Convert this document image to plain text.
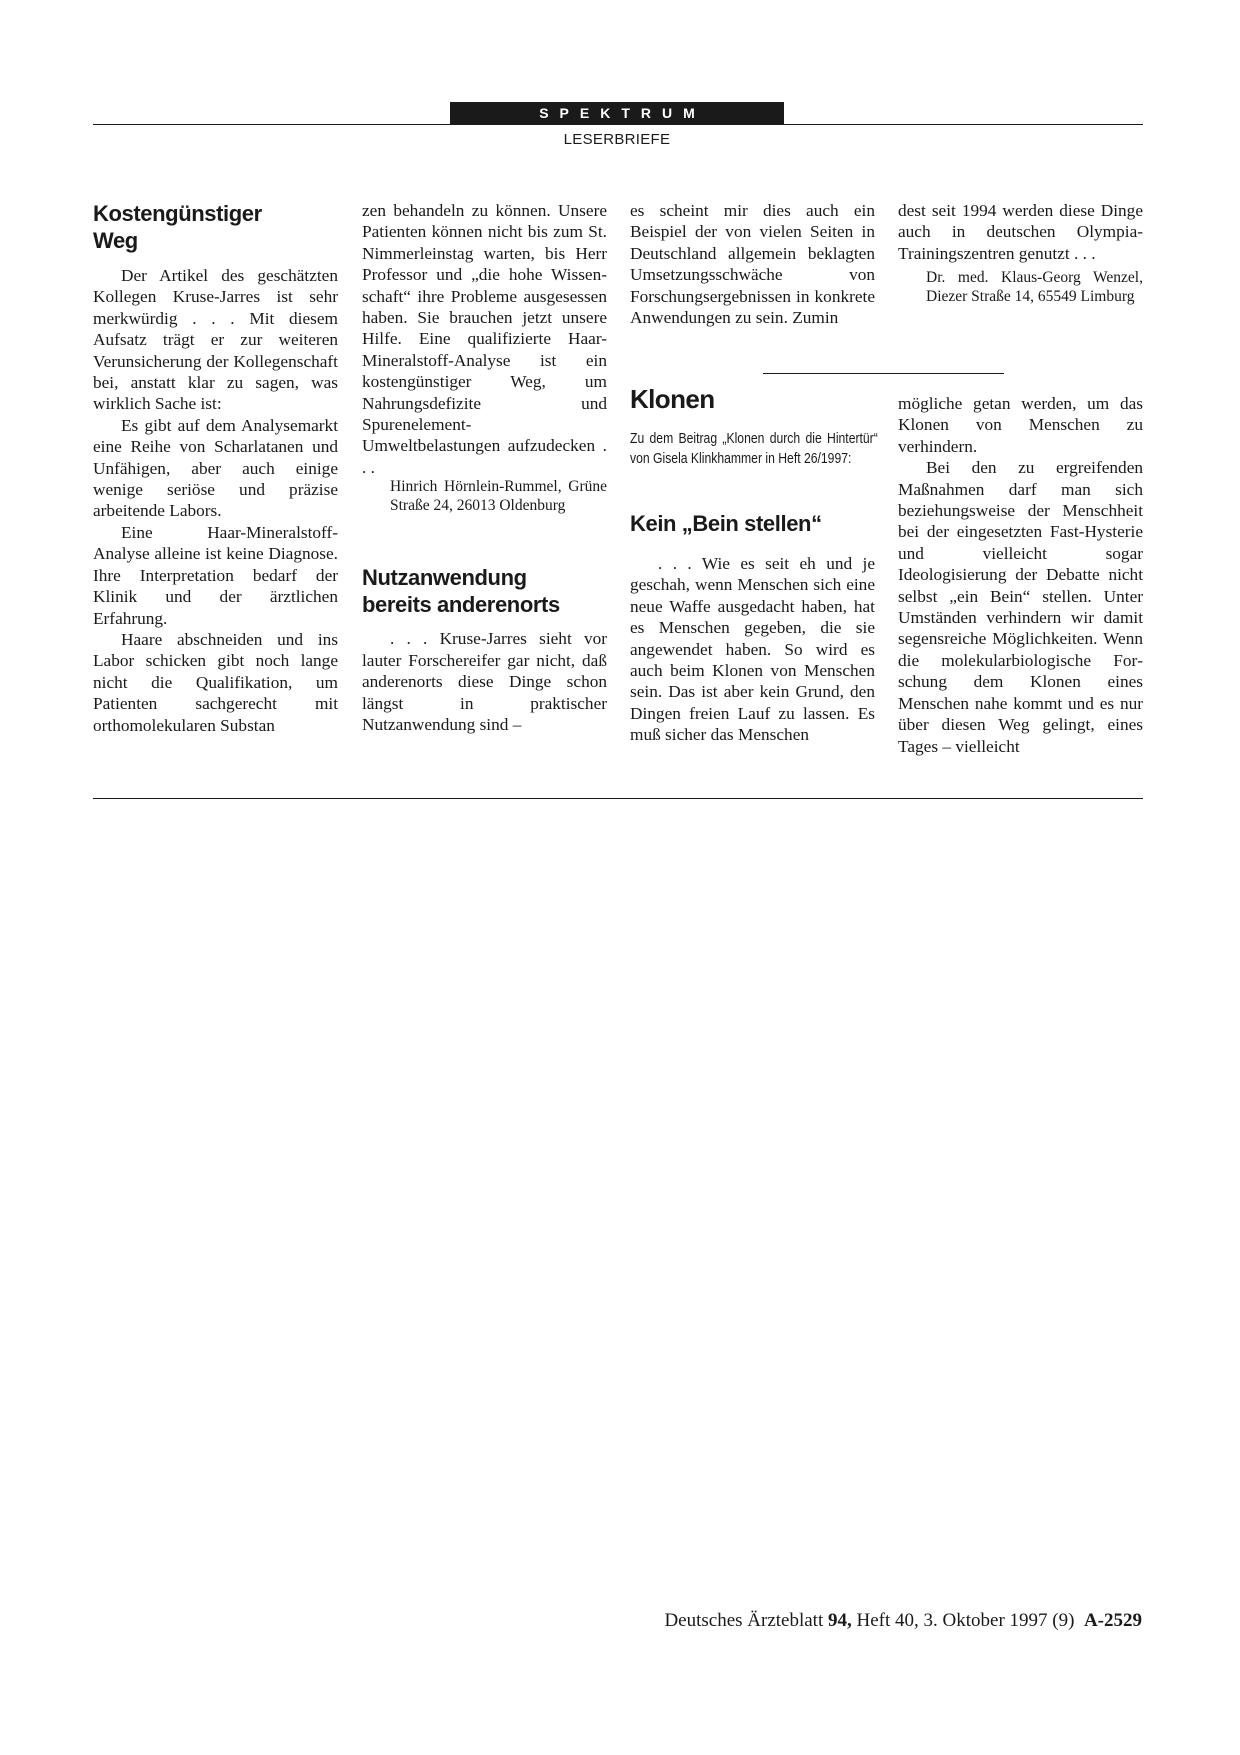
SPEKTRUM
LESERBRIEFE
Kostengünstiger
Weg

Der Artikel des geschätzten Kollegen Kruse-Jarres ist sehr merkwürdig . . . Mit diesem Aufsatz trägt er zur weiteren Verunsicherung der Kollegenschaft bei, anstatt klar zu sagen, was wirklich Sache ist:

Es gibt auf dem Analysemarkt eine Reihe von Scharlatanen und Unfähigen, aber auch einige wenige seriöse und präzise arbeitende Labors.

Eine Haar-Mineralstoff-Analyse alleine ist keine Diagnose. Ihre Interpretation bedarf der Klinik und der ärztlichen Erfahrung.

Haare abschneiden und ins Labor schicken gibt noch lange nicht die Qualifikation, um Patienten sachgerecht mit orthomolekularen Substan

zen behandeln zu können. Unsere Patienten können nicht bis zum St. Nimmerleinstag warten, bis Herr Professor und „die hohe Wissenschaft“ ihre Probleme ausgesessen haben. Sie brauchen jetzt unsere Hilfe. Eine qualifizierte Haar-Mineralstoff-Analyse ist ein kostengünstiger Weg, um Nahrungsdefizite und Spurenelement-Umweltbelastungen aufzudecken . . .

Hinrich Hörnlein-Rummel, Grüne Straße 24, 26013 Oldenburg

Nutzanwendung
bereits anderenorts

. . . Kruse-Jarres sieht vor lauter Forschereifer gar nicht, daß anderenorts diese Dinge schon längst in praktischer Nutzanwendung sind –

es scheint mir dies auch ein Beispiel der von vielen Seiten in Deutschland allgemein beklagten Umsetzungsschwäche von Forschungsergebnissen in konkrete Anwendungen zu sein. Zumin

dest seit 1994 werden diese Dinge auch in deutschen Olympia-Trainingszentren genutzt . . .

Dr. med. Klaus-Georg Wenzel, Diezer Straße 14, 65549 Limburg

Klonen

Zu dem Beitrag „Klonen durch die Hintertür“ von Gisela Klinkhammer in Heft 26/1997:

Kein „Bein stellen“

. . . Wie es seit eh und je geschah, wenn Menschen sich eine neue Waffe ausgedacht haben, hat es Menschen gegeben, die sie angewendet haben. So wird es auch beim Klonen von Menschen sein. Das ist aber kein Grund, den Dingen freien Lauf zu lassen. Es muß sicher das Menschen

mögliche getan werden, um das Klonen von Menschen zu verhindern.

Bei den zu ergreifenden Maßnahmen darf man sich beziehungsweise der Menschheit bei der eingesetzten Fast-Hysterie und vielleicht sogar Ideologisierung der Debatte nicht selbst „ein Bein“ stellen. Unter Umständen verhindern wir damit segensreiche Möglichkeiten. Wenn die molekularbiologische Forschung dem Klonen eines Menschen nahe kommt und es nur über diesen Weg gelingt, eines Tages – vielleicht

Deutsches Ärzteblatt 94, Heft 40, 3. Oktober 1997 (9) A-2529
